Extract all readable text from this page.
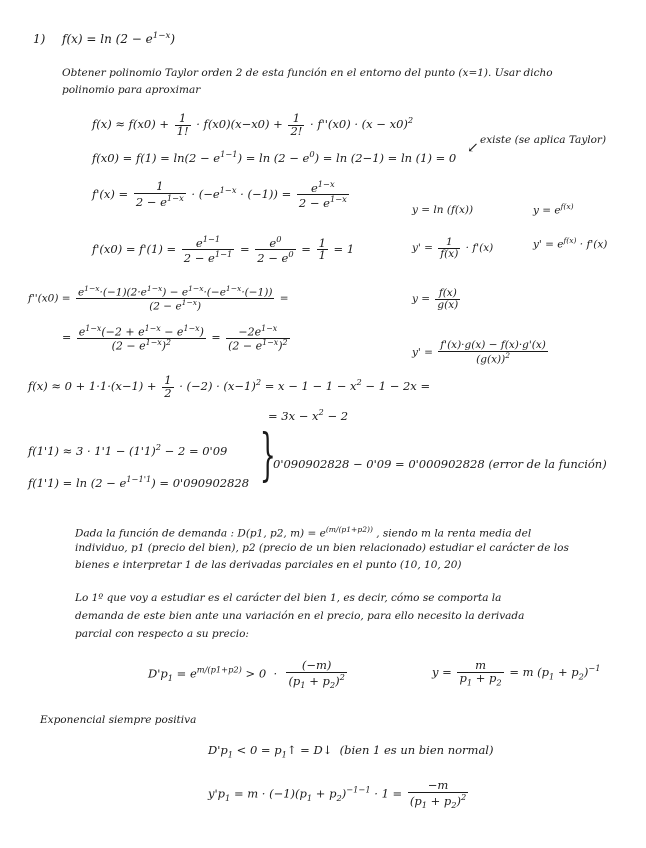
1) $f(x) = \ln (2 - e^{1-x})$
Obtener polinomio Taylor orden 2 de esta función en el entorno del punto (x=1). Usar dicho
polinomio para aproximar
$f(x) \approx f(x0) + \frac{1}{1!} \cdot f(x0)(x-x0) + \frac{1}{2!} \cdot f''(x0) \cdot (x - x0)^2$
$f(x0) = f(1) = \ln(2 - e^{1-1}) = \ln (2 - e^0) = \ln (2-1) = \ln (1) = 0$
↙ existe (se aplica Taylor)
$f'(x) = \frac{1}{2 - e^{1-x}} \cdot (-e^{1-x} \cdot (-1)) = \frac{e^{1-x}}{2 - e^{1-x}}$
y = ln (f(x))	$y = e^{f(x)}$
$f'(x0) = f'(1) = \frac{e^{1-1}}{2 - e^{1-1}} = \frac{e^0}{2 - e^0} = \frac{1}{1} = 1$	$y' = \frac{1}{f(x)} \cdot f'(x)$	$y' = e^{f(x)} \cdot f'(x)$
$f''(x0) = \frac{e^{1-x}\cdot(-1)(2\cdot e^{1-x}) - e^{1-x}\cdot(-e^{1-x}\cdot(-1))}{(2 - e^{1-x})}$ =	$y = \frac{f(x)}{g(x)}$
= $\frac{e^{1-x}(-2 + e^{1-x} - e^{1-x})}{(2 - e^{1-x})^2} = \frac{-2e^{1-x}}{(2 - e^{1-x})^2}$
$y' = \frac{f'(x)\cdot g(x) - f(x)\cdot g'(x)}{(g(x))^2}$
$f(x) \approx 0 + 1\cdot 1\cdot(x-1) + \frac{1}{2} \cdot (-2) \cdot (x-1)^2 = x - 1 - 1 - x^2 - 1 - 2x$ =
= $3x - x^2 - 2$
$f(1'1) \approx 3 \cdot 1'1 - (1'1)^2 - 2 = 0'09$
$f(1'1) = \ln (2 - e^{1-1'1}) = 0'090902828$ }
0'090902828 − 0'09 = 0'000902828 (error de la función)
Dada la función de demanda : D(p1, p2, $m) = e^{(m/(p1+p2))}$ , siendo m la renta media del
individuo, p1 (precio del bien), p2 (precio de un bien relacionado) estudiar el carácter de los
bienes e interpretar 1 de las derivadas parciales en el punto (10, 10, 20)
Lo 1º que voy a estudiar es el carácter del bien 1, es decir, cómo se comporta la
demanda de este bien ante una variación en el precio, para ello necesito la derivada
parcial con respecto a su precio:
$D'p_1 = e^{m/(p1+p2)} > 0 \cdot \frac{(-m)}{(p_1 + p_2)^2}$	$y = \frac{m}{p_1 + p_2} = m$ $(p_1 + p_2)^{-1}$
Exponencial siempre positiva
$D'p_1 < 0$ = $p_1↑$ = D↓  (bien 1 es un bien normal)
$y'p_1 = m \cdot (-1)(p_1 + p_2)^{-1-1} \cdot 1 = \frac{-m}{(p_1 + p_2)^2}$
